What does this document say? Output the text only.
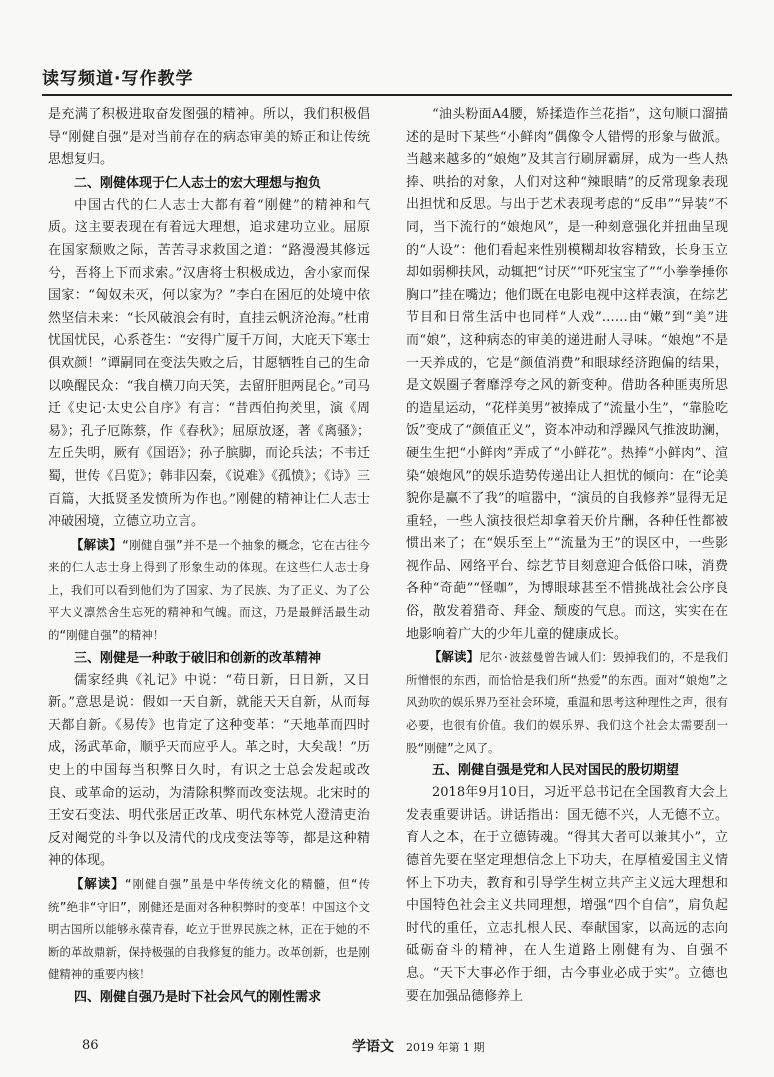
读写频道·写作教学

是充满了积极进取奋发图强的精神。所以，我们积极倡导“刚健自强”是对当前存在的病态审美的矫正和让传统思想复归。

二、刚健体现于仁人志士的宏大理想与抱负

中国古代的仁人志士大都有着“刚健”的精神和气质。这主要表现在有着远大理想，追求建功立业。屈原在国家颓败之际，苦苦寻求救国之道：“路漫漫其修远兮，吾将上下而求索。”汉唐将士积极成边，舍小家而保国家：“匈奴未灭，何以家为？”李白在困厄的处境中依然坚信未来：“长风破浪会有时，直挂云帆济沧海。”杜甫忧国忧民，心系苍生：“安得广厦千万间，大庇天下寒士俱欢颜！”谭嗣同在变法失败之后，甘愿牺牲自己的生命以唤醒民众：“我自横刀向天笑，去留肝胆两昆仑。”司马迁《史记·太史公自序》有言：“昔西伯拘羑里，演《周易》；孔子厄陈蔡，作《春秋》；屈原放逐，著《离骚》；左丘失明，厥有《国语》；孙子膑脚，而论兵法；不韦迁蜀，世传《吕览》；韩非囚秦，《说难》《孤愤》；《诗》三百篇，大抵贤圣发愤所为作也。”刚健的精神让仁人志士冲破困境，立德立功立言。

【解读】“刚健自强”并不是一个抽象的概念，它在古往今来的仁人志士身上得到了形象生动的体现。在这些仁人志士身上，我们可以看到他们为了国家、为了民族、为了正义、为了公平大义凛然舍生忘死的精神和气魄。而这，乃是最鲜活最生动的“刚健自强”的精神！

三、刚健是一种敢于破旧和创新的改革精神

儒家经典《礼记》中说：“苟日新，日日新，又日新。”意思是说：假如一天自新，就能天天自新，从而每天都自新。《易传》也肯定了这种变革：“天地革而四时成，汤武革命，顺乎天而应乎人。革之时，大矣哉！”历史上的中国每当积弊日久时，有识之士总会发起或改良、或革命的运动，为清除积弊而改变法规。北宋时的王安石变法、明代张居正改革、明代东林党人澄清吏治反对阉党的斗争以及清代的戊戌变法等等，都是这种精神的体现。

【解读】“刚健自强”虽是中华传统文化的精髓，但“传统”绝非“守旧”，刚健还是面对各种积弊时的变革！中国这个文明古国所以能够永葆青春，屹立于世界民族之林，正在于她的不断的革故鼎新，保持极强的自我修复的能力。改革创新，也是刚健精神的重要内核！

四、刚健自强乃是时下社会风气的刚性需求

“油头粉面A4腰，矫揉造作兰花指”，这句顺口溜描述的是时下某些“小鲜肉”偶像令人错愕的形象与做派。当越来越多的“娘炮”及其言行刷屏霸屏，成为一些人热捧、哄抬的对象，人们对这种“辣眼睛”的反常现象表现出担忧和反思。与出于艺术表现考虑的“反串”“异装”不同，当下流行的“娘炮风”，是一种刻意强化并扭曲呈现的“人设”：他们看起来性别模糊却妆容精致，长身玉立却如弱柳扶风，动辄把“讨厌”“吓死宝宝了”“小拳拳捶你胸口”挂在嘴边；他们既在电影电视中这样表演，在综艺节目和日常生活中也同样“人戏”……由“嫩”到“美”进而“娘”，这种病态的审美的递进耐人寻味。“娘炮”不是一天养成的，它是“颜值消费”和眼球经济跑偏的结果，是文娱圈子奢靡浮夸之风的新变种。借助各种匪夷所思的造星运动，“花样美男”被捧成了“流量小生”，“靠脸吃饭”变成了“颜值正义”，资本冲动和浮躁风气推波助澜，硬生生把“小鲜肉”弄成了“小鲜花”。热捧“小鲜肉”、渲染“娘炮风”的娱乐造势传递出让人担忧的倾向：在“论美貌你是赢不了我”的喧嚣中，“演员的自我修养”显得无足重轻，一些人演技很烂却拿着天价片酬，各种任性都被惯出来了；在“娱乐至上”“流量为王”的误区中，一些影视作品、网络平台、综艺节目刻意迎合低俗口味，消费各种“奇葩”“怪咖”，为博眼球甚至不惜挑战社会公序良俗，散发着猎奇、拜金、颓废的气息。而这，实实在在地影响着广大的少年儿童的健康成长。

【解读】尼尔·波兹曼曾告诫人们：毁掉我们的，不是我们所憎恨的东西，而恰恰是我们所“热爱”的东西。面对“娘炮”之风劲吹的娱乐界乃至社会环境，重温和思考这种理性之声，很有必要，也很有价值。我们的娱乐界、我们这个社会太需要刮一股“刚健”之风了。

五、刚健自强是党和人民对国民的殷切期望

2018年9月10日，习近平总书记在全国教育大会上发表重要讲话。讲话指出：国无德不兴，人无德不立。育人之本，在于立德铸魂。“得其大者可以兼其小”，立德首先要在坚定理想信念上下功夫，在厚植爱国主义情怀上下功夫，教育和引导学生树立共产主义远大理想和中国特色社会主义共同理想，增强“四个自信”，肩负起时代的重任，立志扎根人民、奉献国家，以高远的志向砥砺奋斗的精神，在人生道路上刚健有为、自强不息。“天下大事必作于细，古今事业必成于实”。立德也要在加强品德修养上

86	学语文 2019 年第 1 期
